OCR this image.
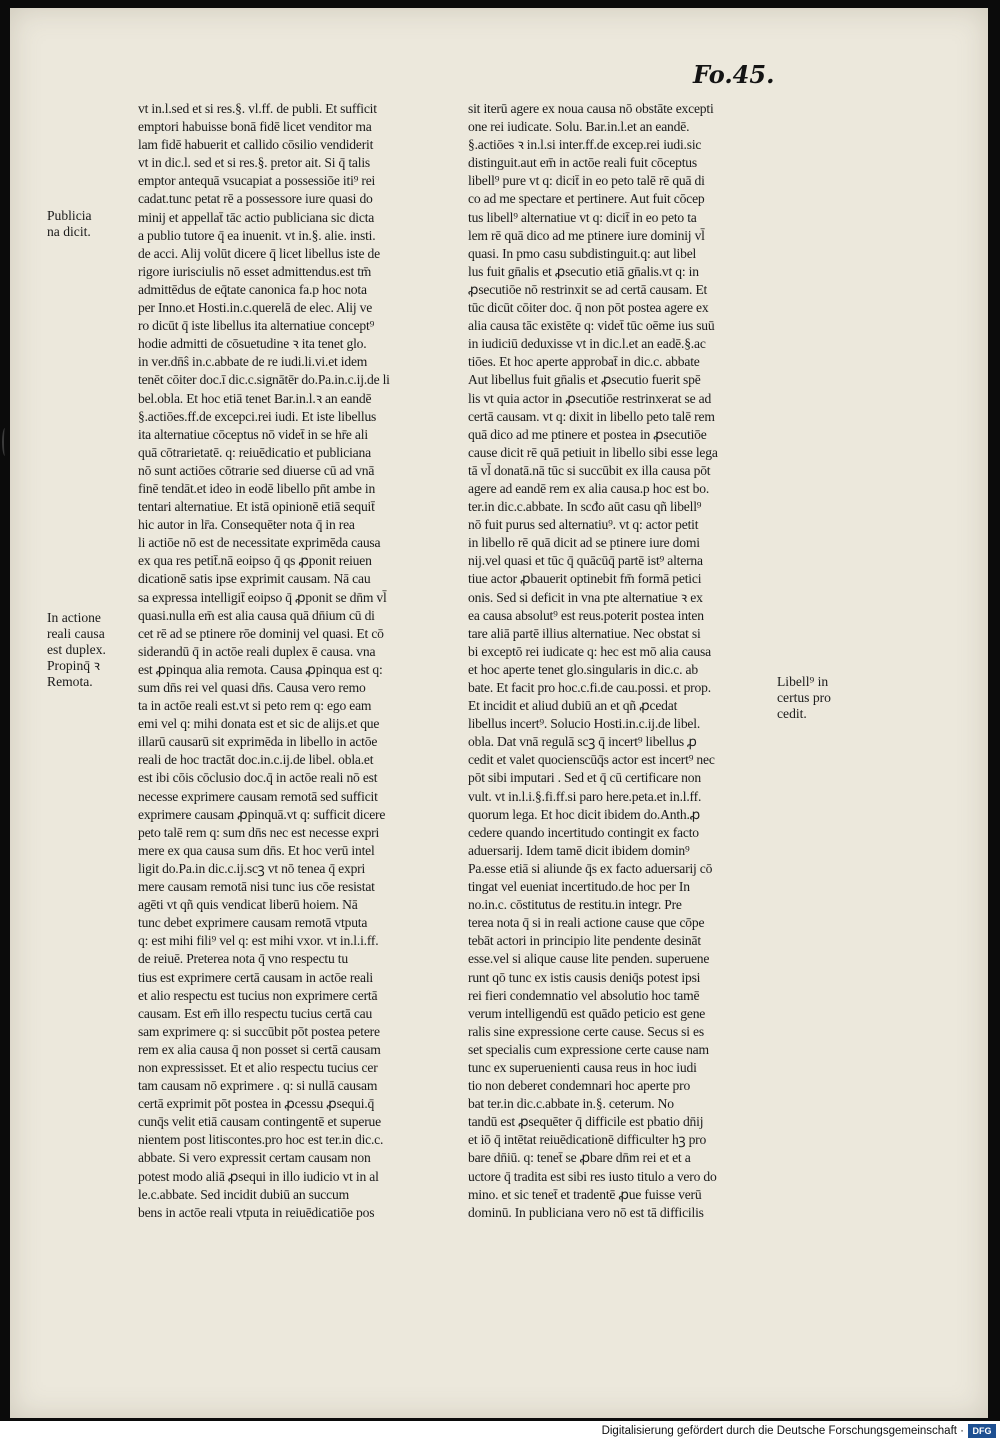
Fo.45.
vt in.l.sed et si res.§. vl.ff. de publi. Et sufficit
emptori habuisse bonā fidē licet venditor ma
lam fidē habuerit et callido cōsilio vendiderit
vt in dic.l. sed et si res.§. pretor ait. Si q̄ talis
emptor antequā vsucapiat a possessiōe iti⁹ rei
cadat.tunc petat rē a possessore iure quasi do
minij et appellat̄ tāc actio publiciana sic dicta
a publio tutore q̄ ea inuenit. vt in.§. alie. insti.
de acci. Alij volūt dicere q̄ licet libellus iste de
rigore iurisciulis nō esset admittendus.est tm̄
admittēdus de eq̄tate canonica fa.p hoc nota
per Inno.et Hosti.in.c.querelā de elec. Alij ve
ro dicūt q̄ iste libellus ita alternatiue concept⁹
hodie admitti de cōsuetudine ꝛ ita tenet glo.
in ver.dn̄ŝ in.c.abbate de re iudi.li.vi.et idem
tenēt cōiter doc.ī dic.c.signātēr do.Pa.in.c.ij.de li
bel.obla. Et hoc etiā tenet Bar.in.l.ꝛ an eandē
§.actiōes.ff.de excepci.rei iudi. Et iste libellus
ita alternatiue cōceptus nō videt̄ in se hr̄e ali
quā cōtrarietatē. q: reiuēdicatio et publiciana
nō sunt actiōes cōtrarie sed diuerse cū ad vnā
finē tendāt.et ideo in eodē libello pn̄t ambe in
tentari alternatiue. Et istā opinionē etiā sequit̄
hic autor in lr̄a. Consequēter nota q̄ in rea
li actiōe nō est de necessitate exprimēda causa
ex qua res petit̄.nā eoipso q̄ qs ꝓponit reiuen
dicationē satis ipse exprimit causam. Nā cau
sa expressa intelligit̄ eoipso q̄ ꝓponit se dn̄m vl̄
quasi.nulla em̄ est alia causa quā dn̄ium cū di
cet rē ad se ptinere rōe dominij vel quasi. Et cō
siderandū q̄ in actōe reali duplex ē causa. vna
est ꝓpinqua alia remota. Causa ꝓpinqua est q:
sum dn̄s rei vel quasi dn̄s. Causa vero remo
ta in actōe reali est.vt si peto rem q: ego eam
emi vel q: mihi donata est et sic de alijs.et que
illarū causarū sit exprimēda in libello in actōe
reali de hoc tractāt doc.in.c.ij.de libel. obla.et
est ibi cōis cōclusio doc.q̄ in actōe reali nō est
necesse exprimere causam remotā sed sufficit
exprimere causam ꝓpinquā.vt q: sufficit dicere
peto talē rem q: sum dn̄s nec est necesse expri
mere ex qua causa sum dn̄s. Et hoc verū intel
ligit do.Pa.in dic.c.ij.scꝫ vt nō tenea q̄ expri
mere causam remotā nisi tunc ius cōe resistat
agēti vt qñ quis vendicat liberū hoiem. Nā
tunc debet exprimere causam remotā vtputa
q: est mihi fili⁹ vel q: est mihi vxor. vt in.l.i.ff.
de reiuē. Preterea nota q̄ vno respectu tu
tius est exprimere certā causam in actōe reali
et alio respectu est tucius non exprimere certā
causam. Est em̄ illo respectu tucius certā cau
sam exprimere q: si succūbit pōt postea petere
rem ex alia causa q̄ non posset si certā causam
non expressisset. Et et alio respectu tucius cer
tam causam nō exprimere . q: si nullā causam
certā exprimit pōt postea in ꝓcessu ꝓsequi.q̄
cunq̄s velit etiā causam contingentē et superue
nientem post litiscontes.pro hoc est ter.in dic.c.
abbate. Si vero expressit certam causam non
potest modo aliā ꝓsequi in illo iudicio vt in al
le.c.abbate. Sed incidit dubiū an succum
bens in actōe reali vtputa in reiuēdicatiōe pos
sit iterū agere ex noua causa nō obstāte excepti
one rei iudicate. Solu. Bar.in.l.et an eandē.
§.actiōes ꝛ in.l.si inter.ff.de excep.rei iudi.sic
distinguit.aut em̄ in actōe reali fuit cōceptus
libell⁹ pure vt q: dicit̄ in eo peto talē rē quā di
co ad me spectare et pertinere. Aut fuit cōcep
tus libell⁹ alternatiue vt q: dicit̄ in eo peto ta
lem rē quā dico ad me ptinere iure dominij vl̄
quasi. In pmo casu subdistinguit.q: aut libel
lus fuit gn̄alis et ꝓsecutio etiā gn̄alis.vt q: in
ꝓsecutiōe nō restrinxit se ad certā causam. Et
tūc dicūt cōiter doc. q̄ non pōt postea agere ex
alia causa tāc existēte q: videt̄ tūc oēme ius suū
in iudiciū deduxisse vt in dic.l.et an eadē.§.ac
tiōes. Et hoc aperte approbat̄ in dic.c. abbate
Aut libellus fuit gn̄alis et ꝓsecutio fuerit spē
lis vt quia actor in ꝓsecutiōe restrinxerat se ad
certā causam. vt q: dixit in libello peto talē rem
quā dico ad me ptinere et postea in ꝓsecutiōe
cause dicit rē quā petiuit in libello sibi esse lega
tā vl̄ donatā.nā tūc si succūbit ex illa causa pōt
agere ad eandē rem ex alia causa.p hoc est bo.
ter.in dic.c.abbate. In scđo aūt casu qñ libell⁹
nō fuit purus sed alternatiu⁹. vt q: actor petit
in libello rē quā dicit ad se ptinere iure domi
nij.vel quasi et tūc q̄ quācūq̄ partē ist⁹ alterna
tiue actor ꝓbauerit optinebit fm̄ formā petici
onis. Sed si deficit in vna pte alternatiue ꝛ ex
ea causa absolut⁹ est reus.poterit postea inten
tare aliā partē illius alternatiue. Nec obstat si
bi exceptō rei iudicate q: hec est mō alia causa
et hoc aperte tenet glo.singularis in dic.c. ab
bate. Et facit pro hoc.c.fi.de cau.possi. et prop.
Et incidit et aliud dubiū an et qñ ꝓcedat
libellus incert⁹. Solucio Hosti.in.c.ij.de libel.
obla. Dat vnā regulā scꝫ q̄ incert⁹ libellus ꝓ
cedit et valet quocienscūq̄s actor est incert⁹ nec
pōt sibi imputari . Sed et q̄ cū certificare non
vult. vt in.l.i.§.fi.ff.si paro here.peta.et in.l.ff.
quorum lega. Et hoc dicit ibidem do.Anth.ꝓ
cedere quando incertitudo contingit ex facto
aduersarij. Idem tamē dicit ibidem domin⁹
Pa.esse etiā si aliunde q̄s ex facto aduersarij cō
tingat vel eueniat incertitudo.de hoc per In
no.in.c. cōstitutus de restitu.in integr. Pre
terea nota q̄ si in reali actione cause que cōpe
tebāt actori in principio lite pendente desināt
esse.vel si alique cause lite penden. superuene
runt qō tunc ex istis causis deniq̄s potest ipsi
rei fieri condemnatio vel absolutio hoc tamē
verum intelligendū est quādo peticio est gene
ralis sine expressione certe cause. Secus si es
set specialis cum expressione certe cause nam
tunc ex superuenienti causa reus in hoc iudi
tio non deberet condemnari hoc aperte pro
bat ter.in dic.c.abbate in.§. ceterum. No
tandū est ꝓsequēter q̄ difficile est pbatio dn̄ij
et iō q̄ intētat reiuēdicationē difficulter hꝫ pro
bare dn̄iū. q: tenet̄ se ꝓbare dn̄m rei et et a
uctore q̄ tradita est sibi res iusto titulo a vero do
mino. et sic tenet̄ et tradentē ꝓue fuisse verū
dominū. In publiciana vero nō est tā difficilis
Publicia
na dicit.
In actione
reali causa
est duplex.
Propinq̄ ꝛ
Remota.	Libell⁹ in
certus pro
cedit.
Digitalisierung gefördert durch die Deutsche Forschungsgemeinschaft · DFG
